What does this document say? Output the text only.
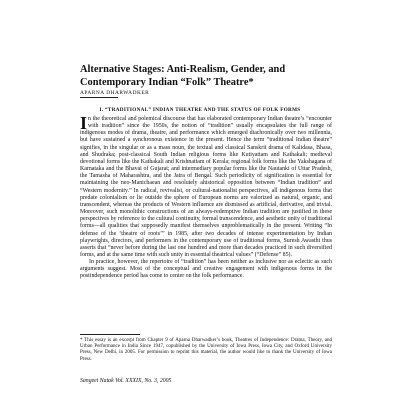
Alternative Stages: Anti-Realism, Gender, and Contemporary Indian “Folk” Theatre*
APARNA DHARWADKER
I. “TRADITIONAL” INDIAN THEATRE AND THE STATUS OF FOLK FORMS

In the theoretical and polemical discourse that has elaborated contemporary Indian theatre’s “encounter with tradition” since the 1950s, the notion of “tradition” usually encapsulates the full range of indigenous modes of drama, theatre, and performance which emerged diachronically over two millennia, but have sustained a synchronous existence in the present. Hence the term “traditional Indian theatre” signifies, in the singular or as a mass noun, the textual and classical Sanskrit drama of Kalidasa, Bhasa, and Shudraka; post-classical South Indian religious forms like Kutiyattam and Kathakali; medieval devotional forms like the Kathakali and Krishnattam of Kerala; regional folk forms like the Yakshagana of Karnataka and the Bhavai of Gujarat; and intermediary popular forms like the Nautanki of Uttar Pradesh, the Tamasha of Maharashtra, and the Jatra of Bengal. Such periodicity of signification is essential for maintaining the neo-Manichaean and resolutely ahistorical opposition between “Indian tradition” and “Western modernity.” In radical, revivalist, or cultural-nationalist perspectives, all indigenous forms that predate colonialism or lie outside the sphere of European norms are valorized as natural, organic, and transcendent, whereas the products of Western influence are dismissed as artificial, derivative, and trivial. Moreover, such monolithic constructions of an always-redemptive Indian tradition are justified in these perspectives by reference to the cultural continuity, formal transcendence, and aesthetic unity of traditional forms—all qualities that supposedly manifest themselves unproblematically in the present. Writing “In defense of the ‘theatre of roots’” in 1985, after two decades of intense experimentation by Indian playwrights, directors, and performers in the contemporary use of traditional forms, Suresh Awasthi thus asserts that “never before during the last one hundred and more than decades practiced in such diversified forms, and at the same time with such unity in essential theatrical values” (“Defense” 85).

In practice, however, the repertoire of “tradition” has been neither as inclusive nor as eclectic as such arguments suggest. Most of the conceptual and creative engagement with indigenous forms in the postindependence period has come to center on the folk performance.

* This essay is an excerpt from Chapter 9 of Aparna Dharwadker’s book, Theatres of Independence: Drama, Theory, and Urban Performance in India Since 1947, copublished by the University of Iowa Press, Iowa City, and Oxford University Press, New Delhi, in 2005. For permission to reprint this material, the author would like to thank the University of Iowa Press.

Sangeet Natak Vol. XXXIX, No. 3, 2005
